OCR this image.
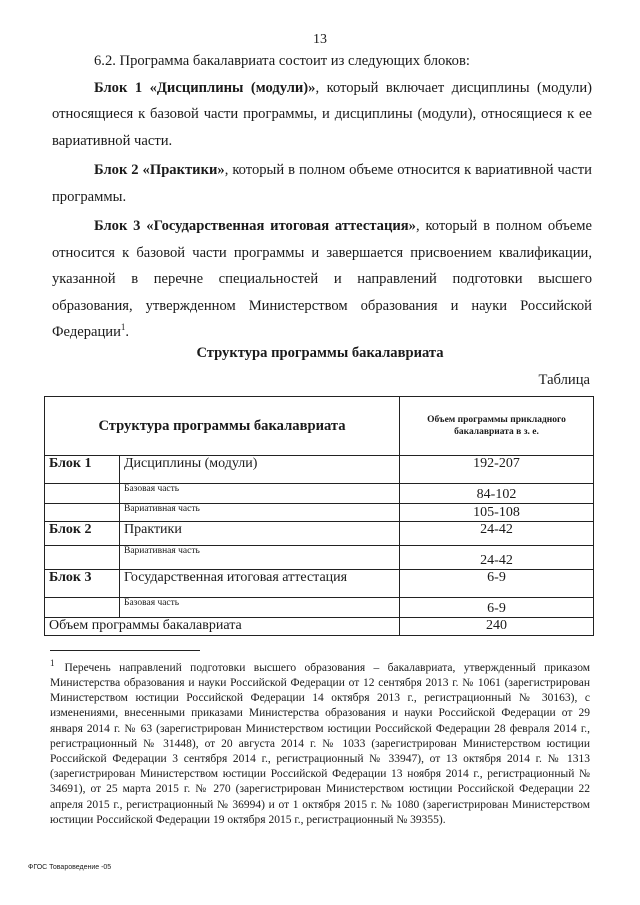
13

6.2. Программа бакалавриата состоит из следующих блоков:

Блок 1 «Дисциплины (модули)», который включает дисциплины (модули) относящиеся к базовой части программы, и дисциплины (модули), относящиеся к ее вариативной части.

Блок 2 «Практики», который в полном объеме относится к вариативной части программы.

Блок 3 «Государственная итоговая аттестация», который в полном объеме относится к базовой части программы и завершается присвоением квалификации, указанной в перечне специальностей и направлений подготовки высшего образования, утвержденном Министерством образования и науки Российской Федерации$^1$.

Структура программы бакалавриата
Таблица
Структура программы бакалавриата		Объем программы прикладного бакалавриата в з. е.
Блок 1	Дисциплины (модули)	192-207
	Базовая часть	84-102
	Вариативная часть	105-108
Блок 2	Практики	24-42
	Вариативная часть	24-42
Блок 3	Государственная итоговая аттестация	6-9
	Базовая часть	6-9
Объем программы бакалавриата		240
$^1$ Перечень направлений подготовки высшего образования – бакалавриата, утвержденный приказом Министерства образования и науки Российской Федерации от 12 сентября 2013 г. № 1061 (зарегистрирован Министерством юстиции Российской Федерации 14 октября 2013 г., регистрационный № 30163), с изменениями, внесенными приказами Министерства образования и науки Российской Федерации от 29 января 2014 г. № 63 (зарегистрирован Министерством юстиции Российской Федерации 28 февраля 2014 г., регистрационный № 31448), от 20 августа 2014 г. № 1033 (зарегистрирован Министерством юстиции Российской Федерации 3 сентября 2014 г., регистрационный № 33947), от 13 октября 2014 г. № 1313 (зарегистрирован Министерством юстиции Российской Федерации 13 ноября 2014 г., регистрационный № 34691), от 25 марта 2015 г. № 270 (зарегистрирован Министерством юстиции Российской Федерации 22 апреля 2015 г., регистрационный № 36994) и от 1 октября 2015 г. № 1080 (зарегистрирован Министерством юстиции Российской Федерации 19 октября 2015 г., регистрационный № 39355).
ФГОС Товароведение -05
